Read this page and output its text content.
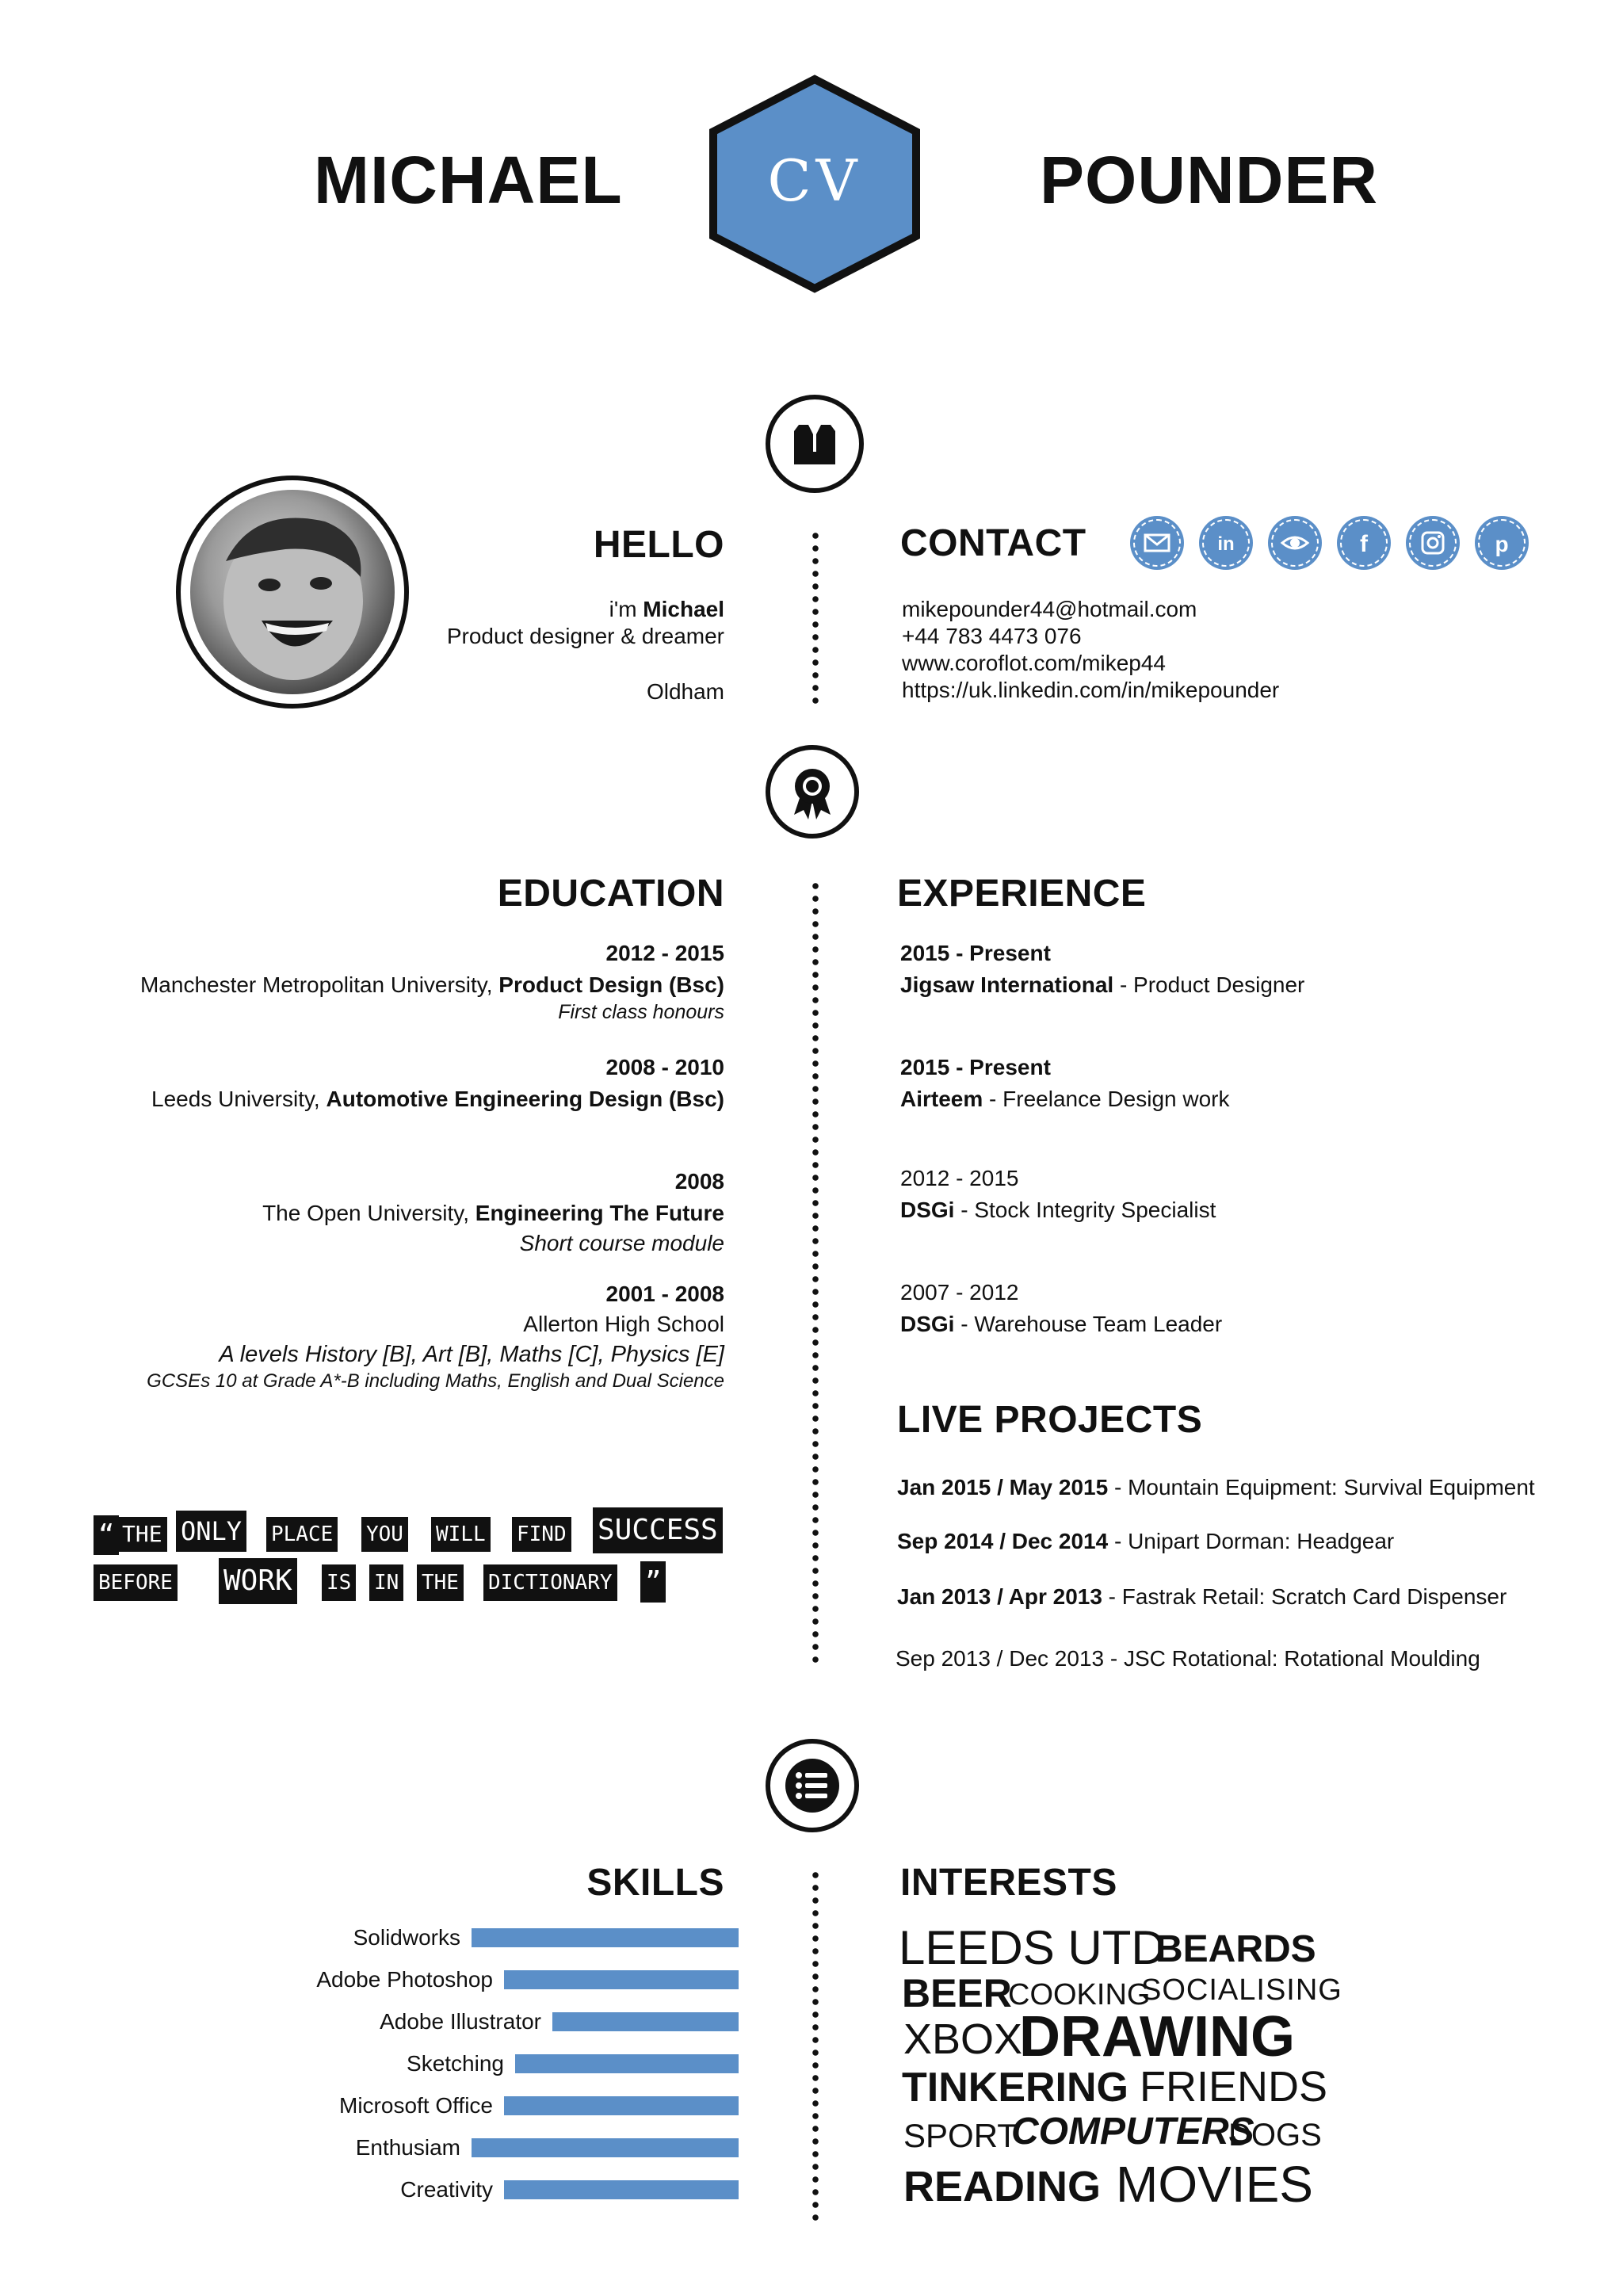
MICHAEL	POUNDER
CV
HELLO
i'm Michael
Product designer & dreamer
Oldham
CONTACT	in	f	p
mikepounder44@hotmail.com
+44 783 4473 076
www.coroflot.com/mikep44
https://uk.linkedin.com/in/mikepounder
EDUCATION
2012 - 2015
Manchester Metropolitan University, Product Design (Bsc)
First class honours
2008 - 2010
Leeds University, Automotive Engineering Design (Bsc)
2008
The Open University, Engineering The Future
Short course module
2001 - 2008
Allerton High School
A levels History [B], Art [B], Maths [C], Physics [E]
GCSEs 10 at Grade A*-B including Maths, English and Dual Science
“ THE ONLY PLACE YOU WILL FIND SUCCESS
BEFORE WORK IS IN THE DICTIONARY ”
EXPERIENCE
2015 - Present
Jigsaw International - Product Designer
2015 - Present
Airteem - Freelance Design work
2012 - 2015
DSGi - Stock Integrity Specialist
2007 - 2012
DSGi - Warehouse Team Leader
LIVE PROJECTS
Jan 2015 / May 2015 - Mountain Equipment: Survival Equipment
Sep 2014 / Dec 2014 - Unipart Dorman: Headgear
Jan 2013 / Apr 2013 - Fastrak Retail: Scratch Card Dispenser
Sep 2013 / Dec 2013 - JSC Rotational: Rotational Moulding
SKILLS
Solidworks
Adobe Photoshop
Adobe Illustrator
Sketching
Microsoft Office
Enthusiam
Creativity
INTERESTS
LEEDS UTD
BEARDS
BEER
COOKING
SOCIALISING
XBOX
DRAWING
TINKERING FRIENDS
SPORT
COMPUTERS
DOGS
READING MOVIES
